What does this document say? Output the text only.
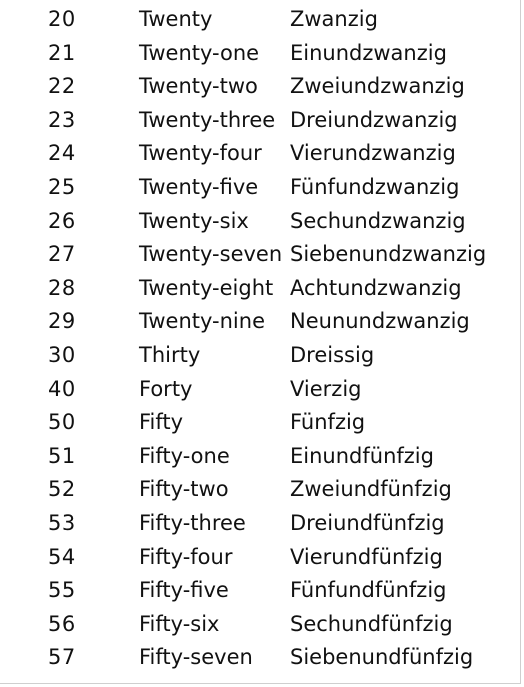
20	Twenty	Zwanzig
21	Twenty-one Einundzwanzig
22	Twenty-two Zweiundzwanzig
23	Twenty-three Dreiundzwanzig
24	Twenty-four Vierundzwanzig
25	Twenty-five Fünfundzwanzig
26	Twenty-six Sechundzwanzig
27	Twenty-seven Siebenundzwanzig
28	Twenty-eight Achtundzwanzig
29	Twenty-nine Neunundzwanzig
30	Thirty	Dreissig
40	Forty	Vierzig
50	Fifty	Fünfzig
51	Fifty-one	Einundfünfzig
52	Fifty-two	Zweiundfünfzig
53	Fifty-three Dreiundfünfzig
54	Fifty-four	Vierundfünfzig
55	Fifty-five	Fünfundfünfzig
56	Fifty-six	Sechundfünfzig
57	Fifty-seven Siebenundfünfzig
